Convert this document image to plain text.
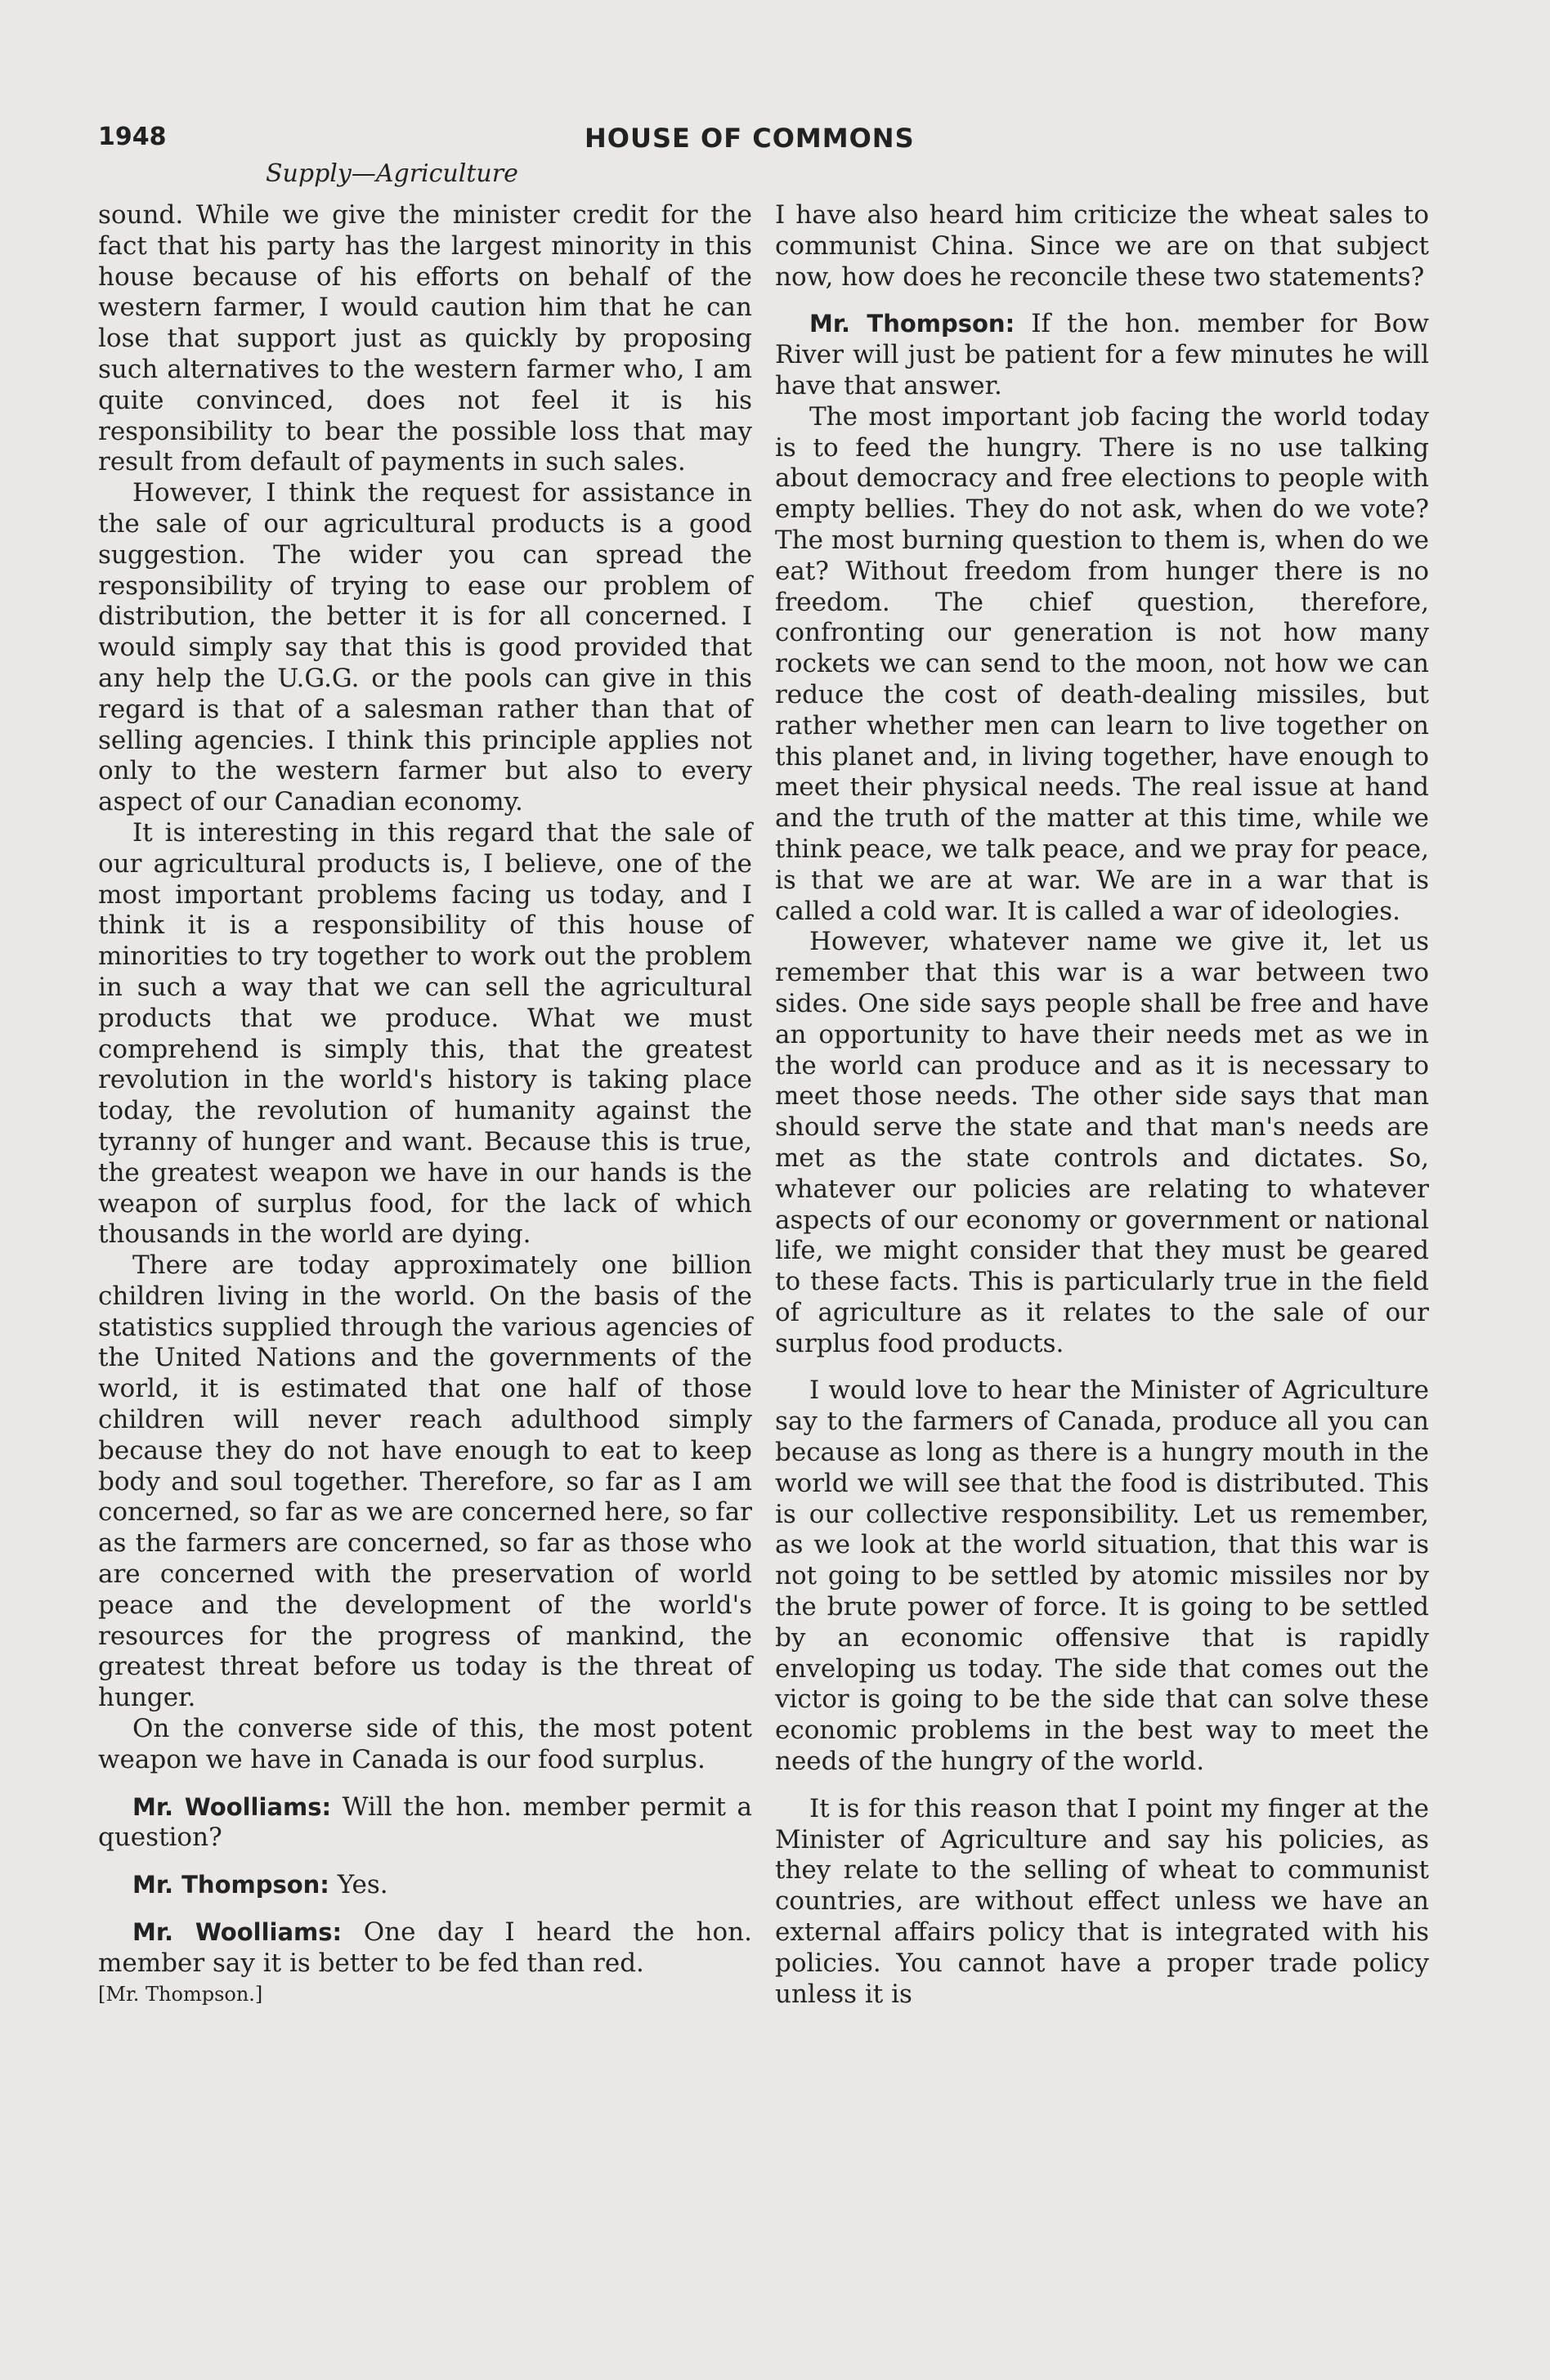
1948	HOUSE OF COMMONS
Supply—Agriculture

sound. While we give the minister credit for the fact that his party has the largest minority in this house because of his efforts on behalf of the western farmer, I would caution him that he can lose that support just as quickly by proposing such alternatives to the western farmer who, I am quite convinced, does not feel it is his responsibility to bear the possible loss that may result from default of payments in such sales.

However, I think the request for assistance in the sale of our agricultural products is a good suggestion. The wider you can spread the responsibility of trying to ease our problem of distribution, the better it is for all concerned. I would simply say that this is good provided that any help the U.G.G. or the pools can give in this regard is that of a salesman rather than that of selling agencies. I think this principle applies not only to the western farmer but also to every aspect of our Canadian economy.

It is interesting in this regard that the sale of our agricultural products is, I believe, one of the most important problems facing us today, and I think it is a responsibility of this house of minorities to try together to work out the problem in such a way that we can sell the agricultural products that we produce. What we must comprehend is simply this, that the greatest revolution in the world's history is taking place today, the revolution of humanity against the tyranny of hunger and want. Because this is true, the greatest weapon we have in our hands is the weapon of surplus food, for the lack of which thousands in the world are dying.

There are today approximately one billion children living in the world. On the basis of the statistics supplied through the various agencies of the United Nations and the governments of the world, it is estimated that one half of those children will never reach adulthood simply because they do not have enough to eat to keep body and soul together. Therefore, so far as I am concerned, so far as we are concerned here, so far as the farmers are concerned, so far as those who are concerned with the preservation of world peace and the development of the world's resources for the progress of mankind, the greatest threat before us today is the threat of hunger.

On the converse side of this, the most potent weapon we have in Canada is our food surplus.

Mr. Woolliams: Will the hon. member permit a question?

Mr. Thompson: Yes.

Mr. Woolliams: One day I heard the hon. member say it is better to be fed than red.

[Mr. Thompson.]

I have also heard him criticize the wheat sales to communist China. Since we are on that subject now, how does he reconcile these two statements?

Mr. Thompson: If the hon. member for Bow River will just be patient for a few minutes he will have that answer.

The most important job facing the world today is to feed the hungry. There is no use talking about democracy and free elections to people with empty bellies. They do not ask, when do we vote? The most burning question to them is, when do we eat? Without freedom from hunger there is no freedom. The chief question, therefore, confronting our generation is not how many rockets we can send to the moon, not how we can reduce the cost of death-dealing missiles, but rather whether men can learn to live together on this planet and, in living together, have enough to meet their physical needs. The real issue at hand and the truth of the matter at this time, while we think peace, we talk peace, and we pray for peace, is that we are at war. We are in a war that is called a cold war. It is called a war of ideologies.

However, whatever name we give it, let us remember that this war is a war between two sides. One side says people shall be free and have an opportunity to have their needs met as we in the world can produce and as it is necessary to meet those needs. The other side says that man should serve the state and that man's needs are met as the state controls and dictates. So, whatever our policies are relating to whatever aspects of our economy or government or national life, we might consider that they must be geared to these facts. This is particularly true in the field of agriculture as it relates to the sale of our surplus food products.

I would love to hear the Minister of Agriculture say to the farmers of Canada, produce all you can because as long as there is a hungry mouth in the world we will see that the food is distributed. This is our collective responsibility. Let us remember, as we look at the world situation, that this war is not going to be settled by atomic missiles nor by the brute power of force. It is going to be settled by an economic offensive that is rapidly enveloping us today. The side that comes out the victor is going to be the side that can solve these economic problems in the best way to meet the needs of the hungry of the world.

It is for this reason that I point my finger at the Minister of Agriculture and say his policies, as they relate to the selling of wheat to communist countries, are without effect unless we have an external affairs policy that is integrated with his policies. You cannot have a proper trade policy unless it is
